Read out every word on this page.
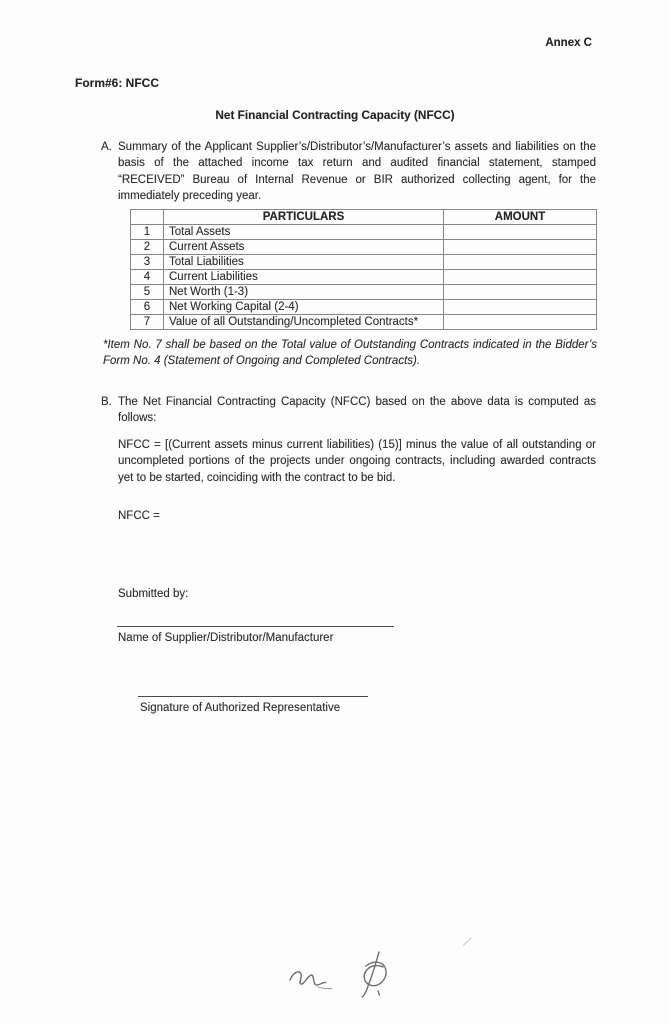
Annex C
Form#6: NFCC
Net Financial Contracting Capacity (NFCC)
A. Summary of the Applicant Supplier’s/Distributor’s/Manufacturer’s assets and liabilities on the basis of the attached income tax return and audited financial statement, stamped “RECEIVED” Bureau of Internal Revenue or BIR authorized collecting agent, for the immediately preceding year.

	PARTICULARS	AMOUNT
1	Total Assets	
2	Current Assets	
3	Total Liabilities	
4	Current Liabilities	
5	Net Worth (1-3)	
6	Net Working Capital (2-4)	
7	Value of all Outstanding/Uncompleted Contracts*	
*Item No. 7 shall be based on the Total value of Outstanding Contracts indicated in the Bidder’s Form No. 4 (Statement of Ongoing and Completed Contracts).
B. The Net Financial Contracting Capacity (NFCC) based on the above data is computed as follows:

NFCC = [(Current assets minus current liabilities) (15)] minus the value of all outstanding or uncompleted portions of the projects under ongoing contracts, including awarded contracts yet to be started, coinciding with the contract to be bid.
NFCC =
Submitted by:
Name of Supplier/Distributor/Manufacturer
Signature of Authorized Representative
